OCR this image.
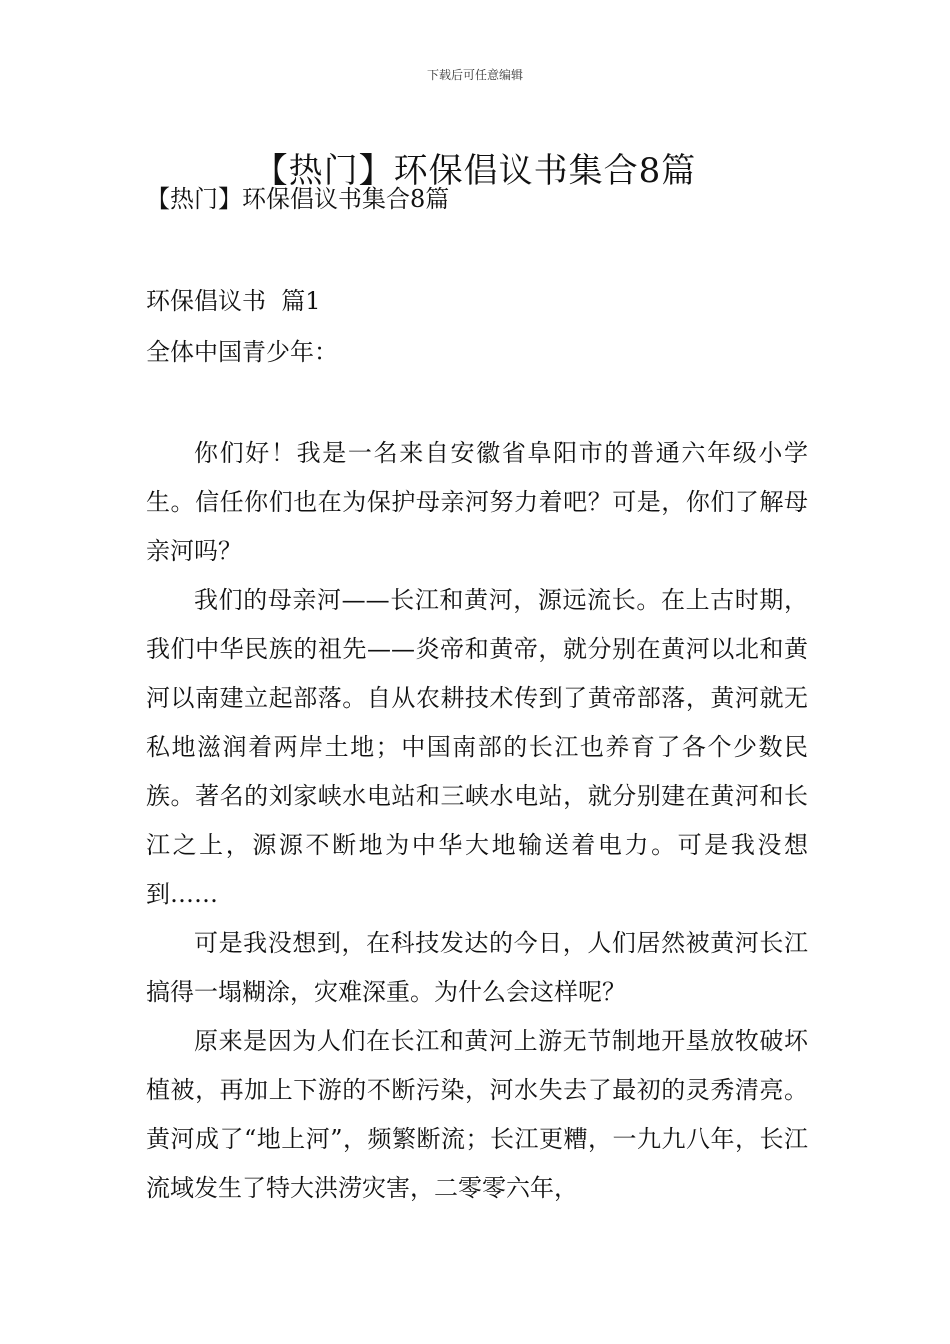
下载后可任意编辑
【热门】环保倡议书集合8篇

【热门】环保倡议书集合8篇

环保倡议书  篇1
全体中国青少年：

你们好！我是一名来自安徽省阜阳市的普通六年级小学生。信任你们也在为保护母亲河努力着吧？可是，你们了解母亲河吗？

我们的母亲河——长江和黄河，源远流长。在上古时期，我们中华民族的祖先——炎帝和黄帝，就分别在黄河以北和黄河以南建立起部落。自从农耕技术传到了黄帝部落，黄河就无私地滋润着两岸土地；中国南部的长江也养育了各个少数民族。著名的刘家峡水电站和三峡水电站，就分别建在黄河和长江之上，源源不断地为中华大地输送着电力。可是我没想到……

可是我没想到，在科技发达的今日，人们居然被黄河长江搞得一塌糊涂，灾难深重。为什么会这样呢？

原来是因为人们在长江和黄河上游无节制地开垦放牧破坏植被，再加上下游的不断污染，河水失去了最初的灵秀清亮。黄河成了“地上河”，频繁断流；长江更糟，一九九八年，长江流域发生了特大洪涝灾害，二零零六年，
